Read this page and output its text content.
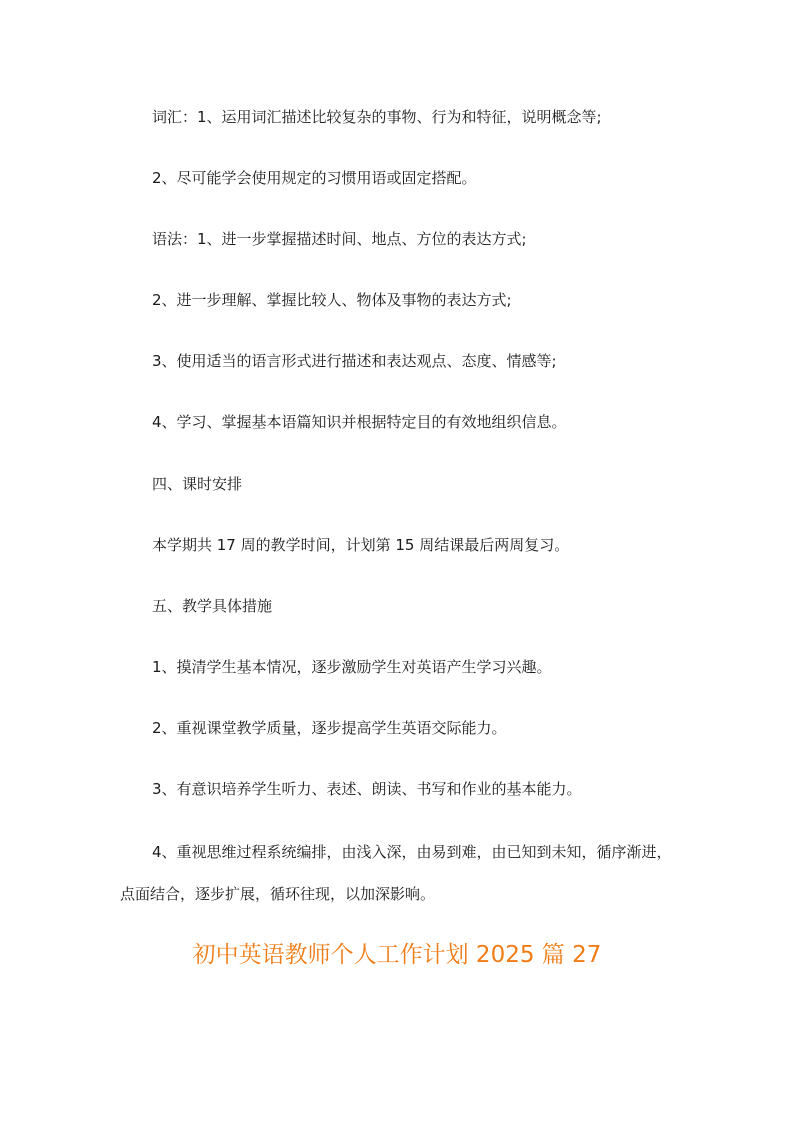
词汇：1、运用词汇描述比较复杂的事物、行为和特征，说明概念等;
2、尽可能学会使用规定的习惯用语或固定搭配。
语法：1、进一步掌握描述时间、地点、方位的表达方式;
2、进一步理解、掌握比较人、物体及事物的表达方式;
3、使用适当的语言形式进行描述和表达观点、态度、情感等;
4、学习、掌握基本语篇知识并根据特定目的有效地组织信息。
四、课时安排
本学期共 17 周的教学时间，计划第 15 周结课最后两周复习。
五、教学具体措施
1、摸清学生基本情况，逐步激励学生对英语产生学习兴趣。
2、重视课堂教学质量，逐步提高学生英语交际能力。
3、有意识培养学生听力、表述、朗读、书写和作业的基本能力。
4、重视思维过程系统编排，由浅入深，由易到难，由已知到未知，循序渐进，点面结合，逐步扩展，循环往现，以加深影响。
初中英语教师个人工作计划 2025 篇 27
